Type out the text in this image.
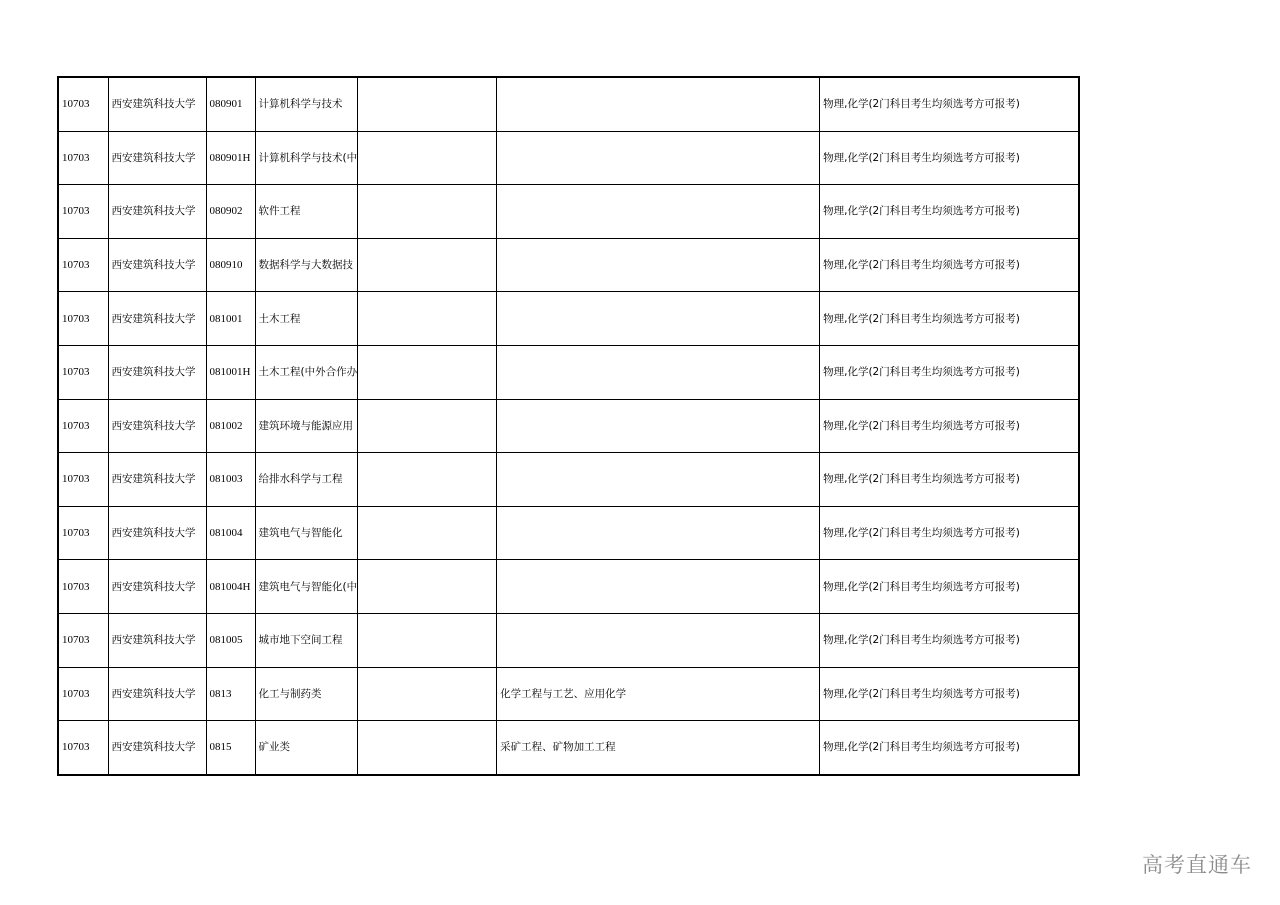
10703	西安建筑科技大学	080901	计算机科学与技术			物理,化学(2门科目考生均须选考方可报考)
10703	西安建筑科技大学	080901H	计算机科学与技术(中			物理,化学(2门科目考生均须选考方可报考)
10703	西安建筑科技大学	080902	软件工程			物理,化学(2门科目考生均须选考方可报考)
10703	西安建筑科技大学	080910	数据科学与大数据技			物理,化学(2门科目考生均须选考方可报考)
10703	西安建筑科技大学	081001	土木工程			物理,化学(2门科目考生均须选考方可报考)
10703	西安建筑科技大学	081001H	土木工程(中外合作办			物理,化学(2门科目考生均须选考方可报考)
10703	西安建筑科技大学	081002	建筑环境与能源应用			物理,化学(2门科目考生均须选考方可报考)
10703	西安建筑科技大学	081003	给排水科学与工程			物理,化学(2门科目考生均须选考方可报考)
10703	西安建筑科技大学	081004	建筑电气与智能化			物理,化学(2门科目考生均须选考方可报考)
10703	西安建筑科技大学	081004H	建筑电气与智能化(中			物理,化学(2门科目考生均须选考方可报考)
10703	西安建筑科技大学	081005	城市地下空间工程			物理,化学(2门科目考生均须选考方可报考)
10703	西安建筑科技大学	0813	化工与制药类		化学工程与工艺、应用化学	物理,化学(2门科目考生均须选考方可报考)
10703	西安建筑科技大学	0815	矿业类		采矿工程、矿物加工工程	物理,化学(2门科目考生均须选考方可报考)
高考直通车
